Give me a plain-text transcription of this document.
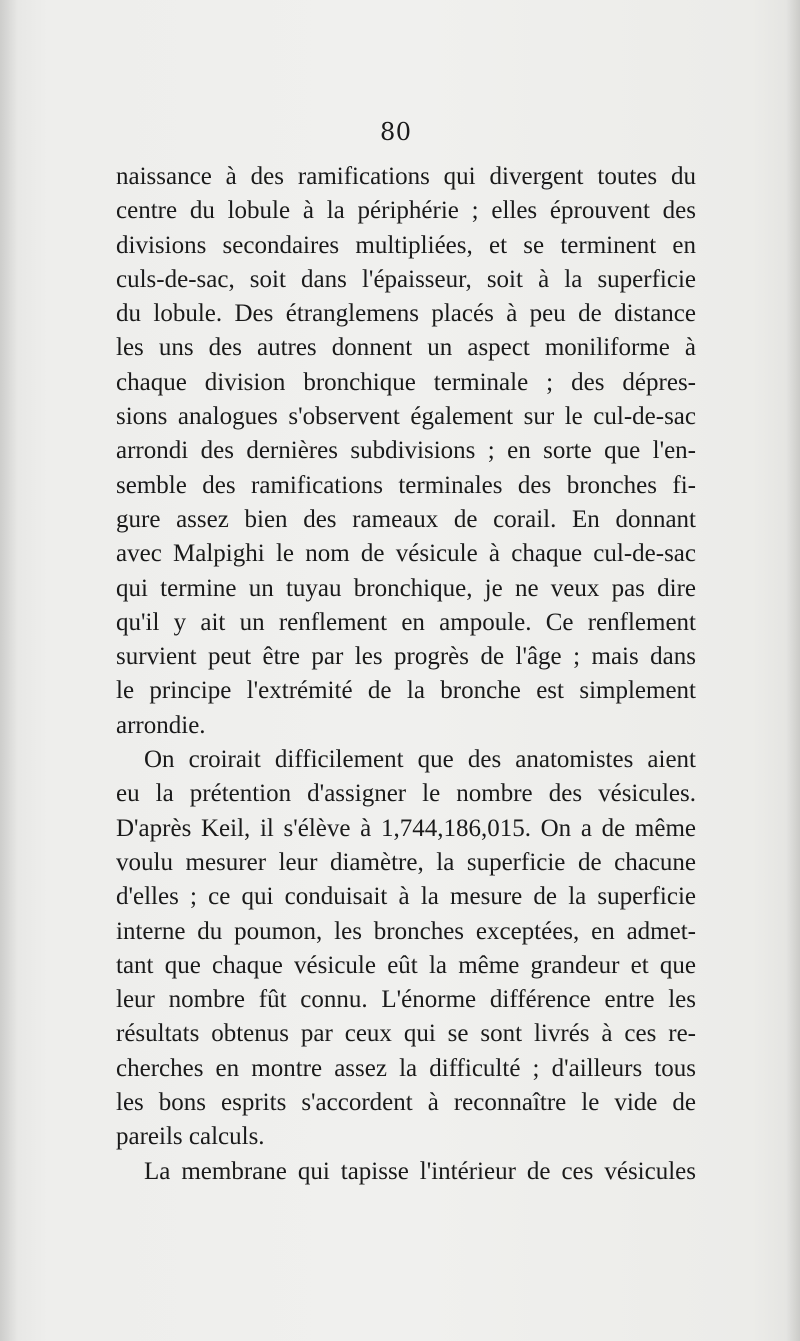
80
naissance à des ramifications qui divergent toutes du
centre du lobule à la périphérie ; elles éprouvent des
divisions secondaires multipliées, et se terminent en
culs-de-sac, soit dans l'épaisseur, soit à la superficie
du lobule. Des étranglemens placés à peu de distance
les uns des autres donnent un aspect moniliforme à
chaque division bronchique terminale ; des dépres-
sions analogues s'observent également sur le cul-de-sac
arrondi des dernières subdivisions ; en sorte que l'en-
semble des ramifications terminales des bronches fi-
gure assez bien des rameaux de corail. En donnant
avec Malpighi le nom de vésicule à chaque cul-de-sac
qui termine un tuyau bronchique, je ne veux pas dire
qu'il y ait un renflement en ampoule. Ce renflement
survient peut être par les progrès de l'âge ; mais dans
le principe l'extrémité de la bronche est simplement
arrondie.
On croirait difficilement que des anatomistes aient
eu la prétention d'assigner le nombre des vésicules.
D'après Keil, il s'élève à 1,744,186,015. On a de même
voulu mesurer leur diamètre, la superficie de chacune
d'elles ; ce qui conduisait à la mesure de la superficie
interne du poumon, les bronches exceptées, en admet-
tant que chaque vésicule eût la même grandeur et que
leur nombre fût connu. L'énorme différence entre les
résultats obtenus par ceux qui se sont livrés à ces re-
cherches en montre assez la difficulté ; d'ailleurs tous
les bons esprits s'accordent à reconnaître le vide de
pareils calculs.
La membrane qui tapisse l'intérieur de ces vésicules
